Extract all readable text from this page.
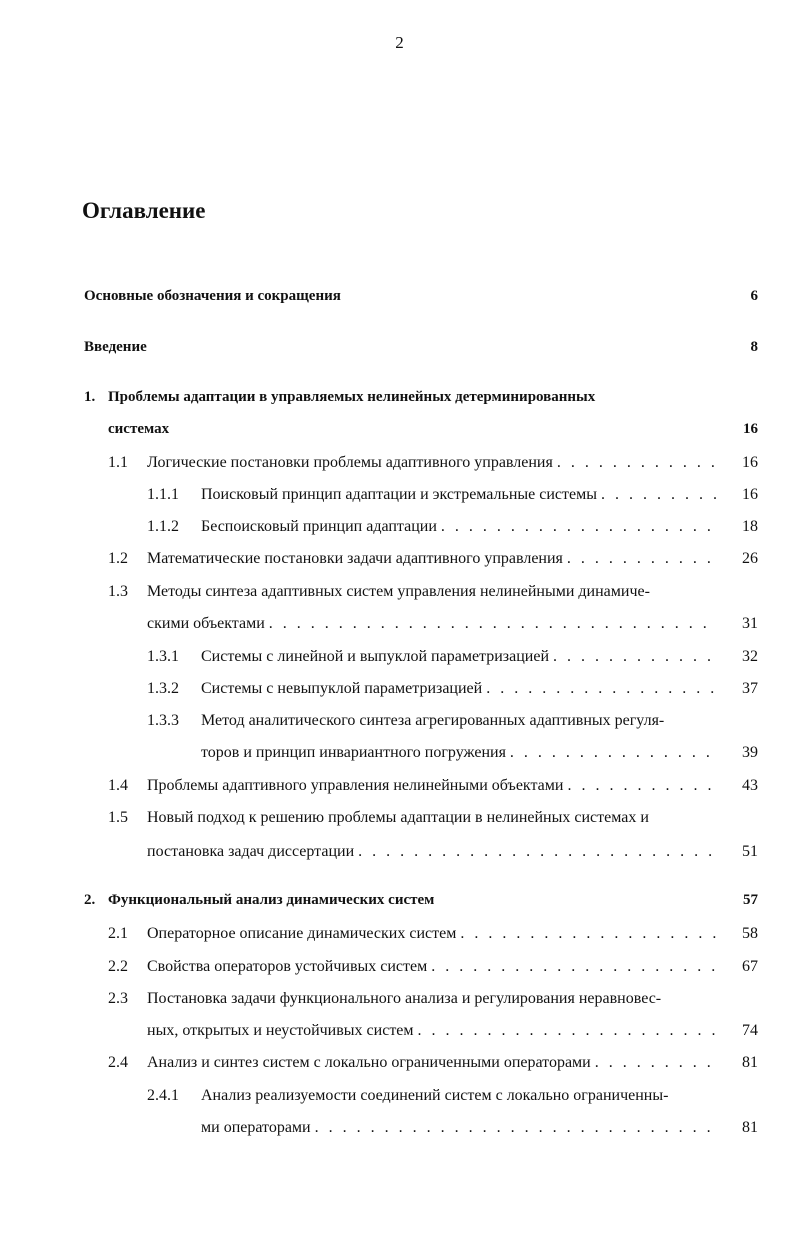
2
Оглавление
Основные обозначения и сокращения	6
Введение	8
1. Проблемы адаптации в управляемых нелинейных детерминированных
системах	16
1.1 Логические постановки проблемы адаптивного управления . . .	16
1.1.1 Поисковый принцип адаптации и экстремальные системы . . .	16
1.1.2 Беспоисковый принцип адаптации . . .	18
1.2 Математические постановки задачи адаптивного управления . . .	26
1.3 Методы синтеза адаптивных систем управления нелинейными динамиче-
скими объектами . . .	31
1.3.1 Системы с линейной и выпуклой параметризацией . . .	32
1.3.2 Системы с невыпуклой параметризацией . . .	37
1.3.3 Метод аналитического синтеза агрегированных адаптивных регуля-
торов и принцип инвариантного погружения . . .	39
1.4 Проблемы адаптивного управления нелинейными объектами . . .	43
1.5 Новый подход к решению проблемы адаптации в нелинейных системах и
постановка задач диссертации . . .	51
2. Функциональный анализ динамических систем	57
2.1 Операторное описание динамических систем . . .	58
2.2 Свойства операторов устойчивых систем . . .	67
2.3 Постановка задачи функционального анализа и регулирования неравновес-
ных, открытых и неустойчивых систем . . .	74
2.4 Анализ и синтез систем с локально ограниченными операторами . . .	81
2.4.1 Анализ реализуемости соединений систем с локально ограниченны-
ми операторами . . .	81
